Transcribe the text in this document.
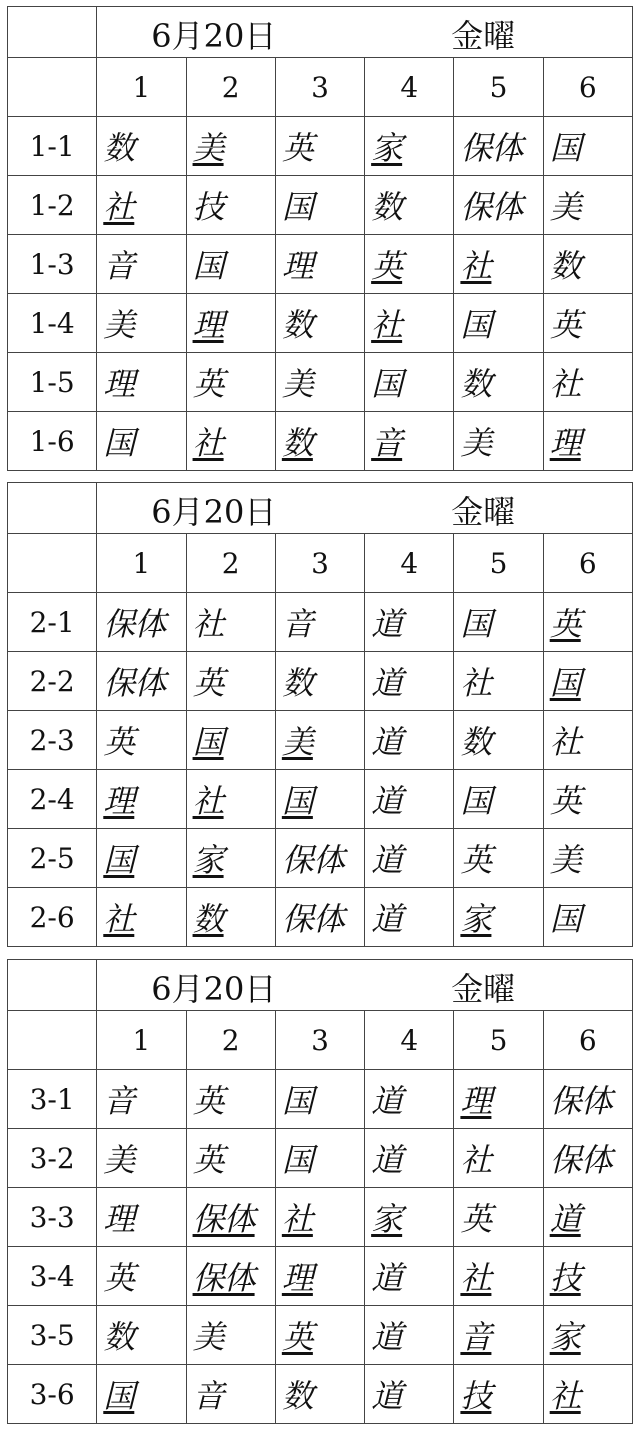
	6月20日 金曜					

	1	2	3	4	5	6
1-1	数	美	英	家	保体	国
1-2	社	技	国	数	保体	美
1-3	音	国	理	英	社	数
1-4	美	理	数	社	国	英
1-5	理	英	美	国	数	社
1-6	国	社	数	音	美	理
	6月20日 金曜					

	1	2	3	4	5	6
2-1	保体	社	音	道	国	英
2-2	保体	英	数	道	社	国
2-3	英	国	美	道	数	社
2-4	理	社	国	道	国	英
2-5	国	家	保体	道	英	美
2-6	社	数	保体	道	家	国
	6月20日 金曜					

	1	2	3	4	5	6
3-1	音	英	国	道	理	保体
3-2	美	英	国	道	社	保体
3-3	理	保体	社	家	英	道
3-4	英	保体	理	道	社	技
3-5	数	美	英	道	音	家
3-6	国	音	数	道	技	社
